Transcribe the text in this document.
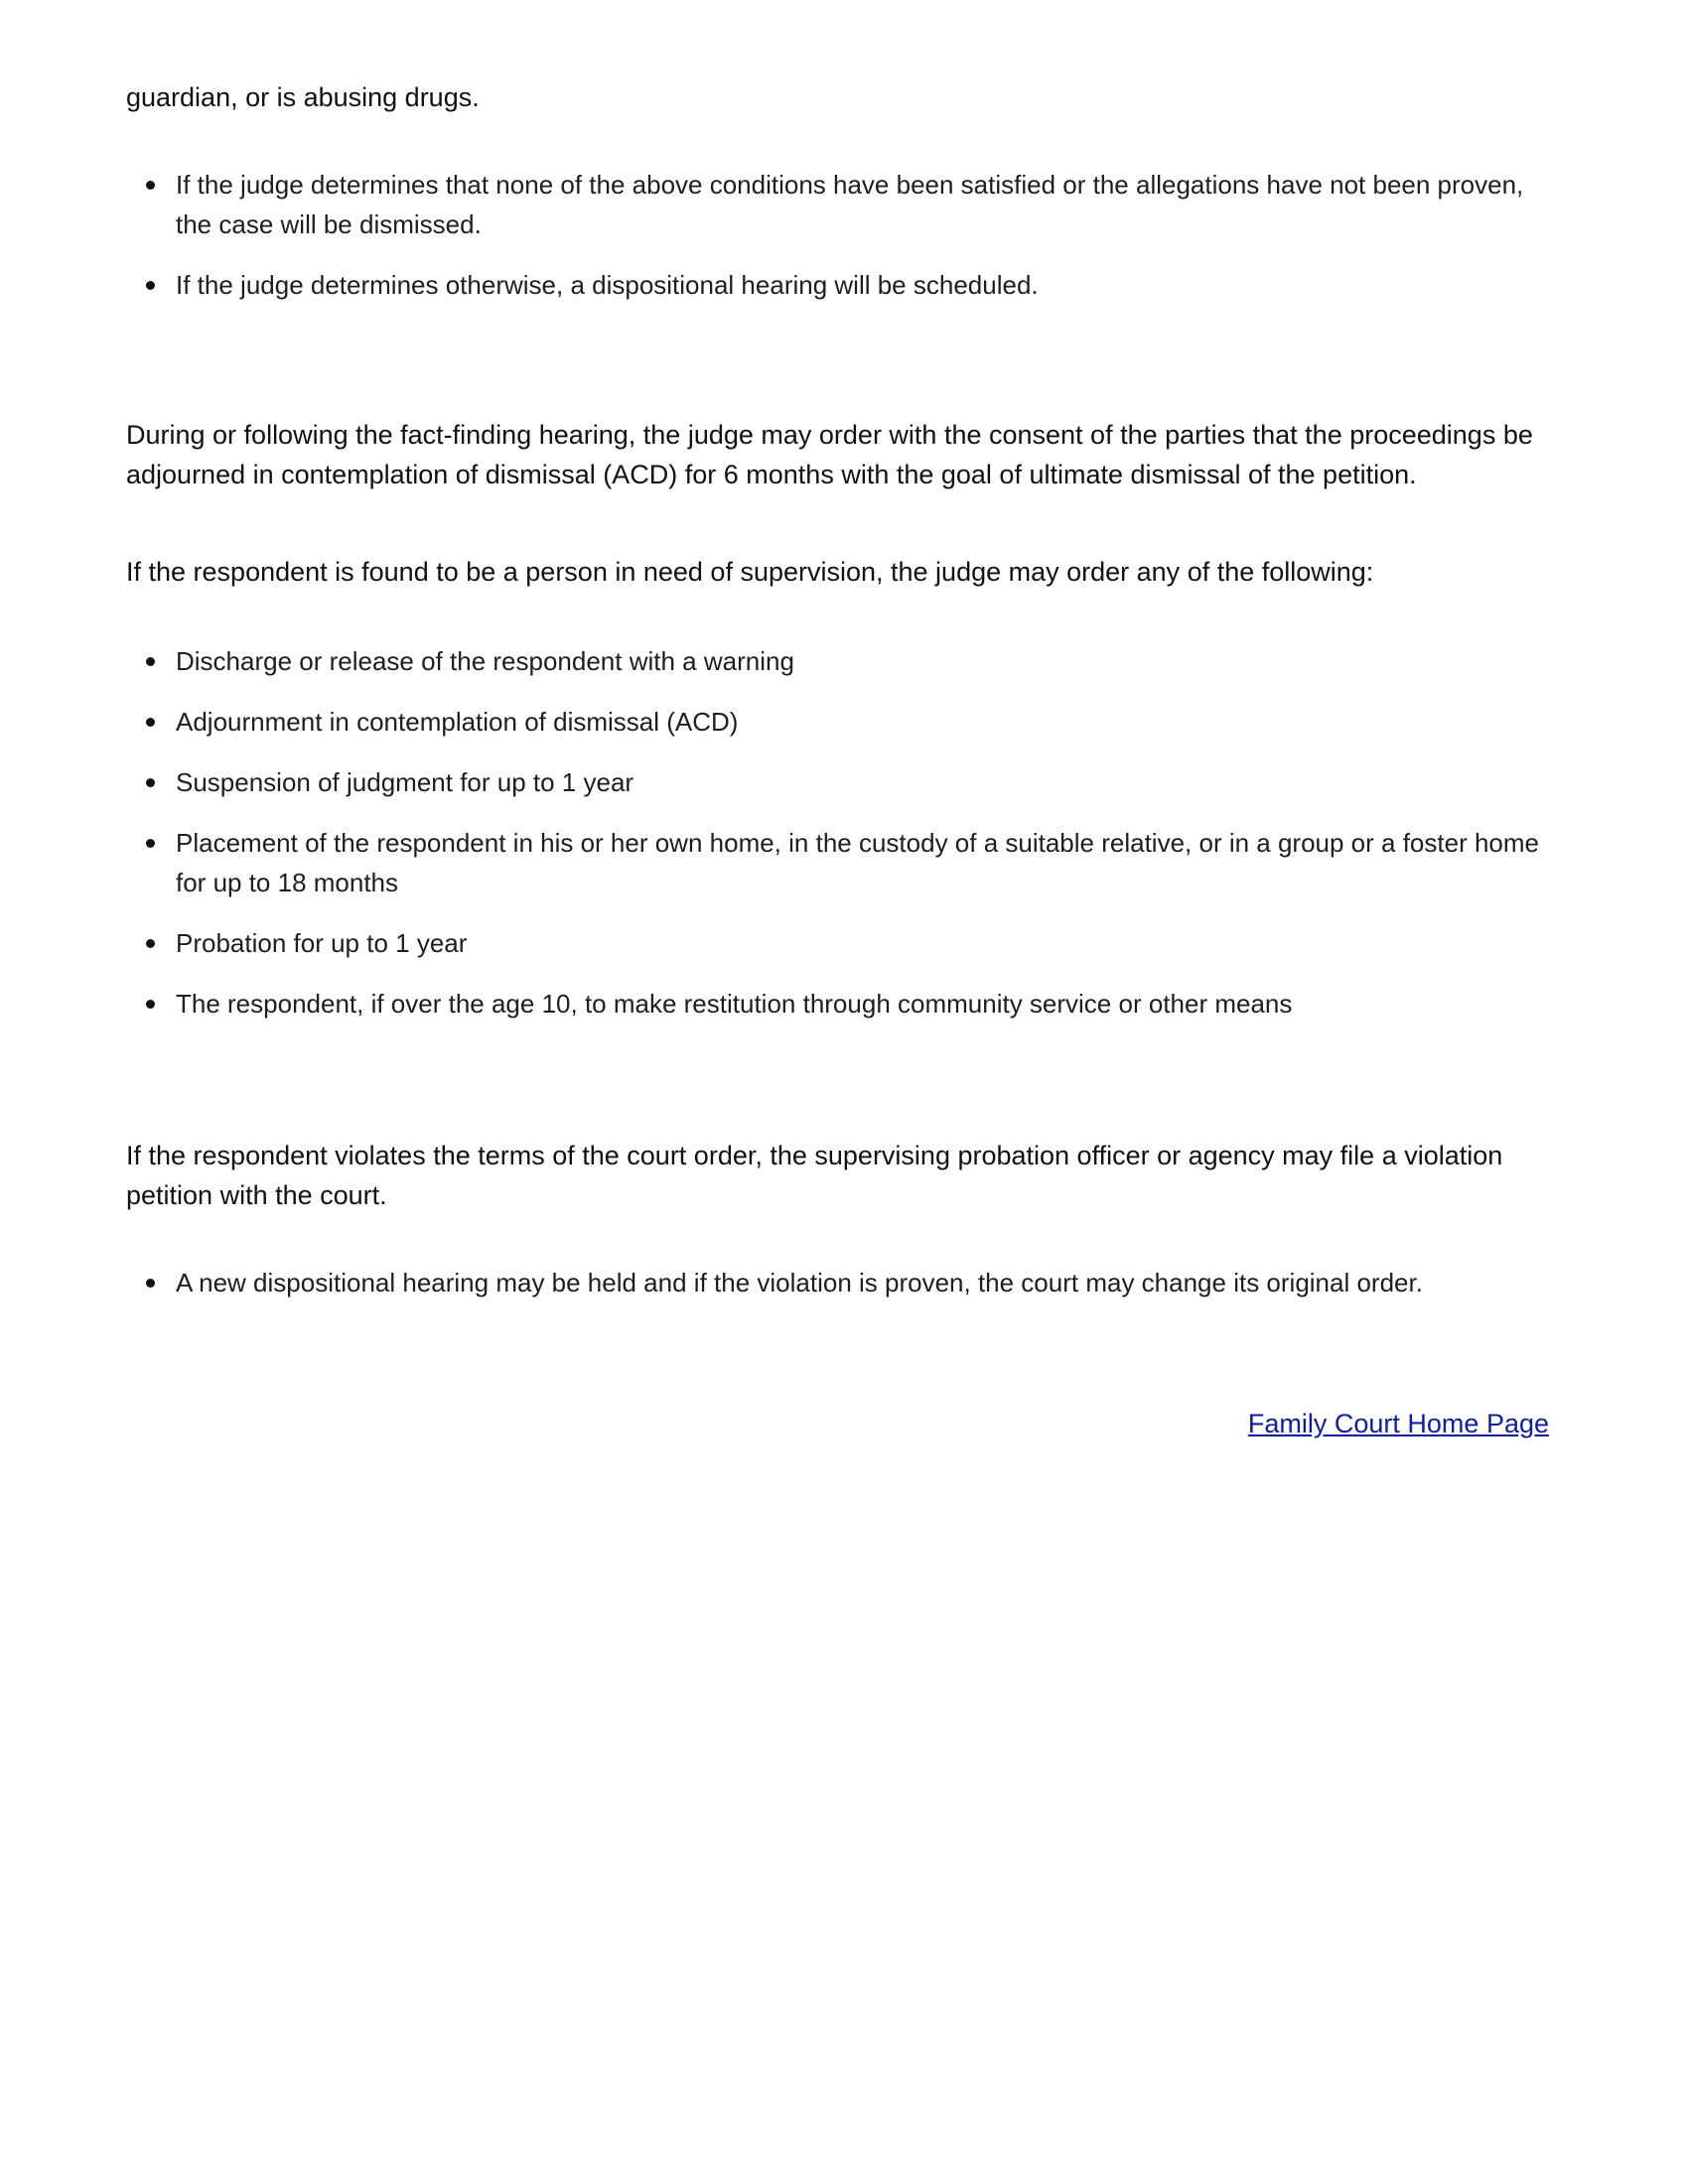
guardian, or is abusing drugs.

If the judge determines that none of the above conditions have been satisfied or the allegations have not been proven, the case will be dismissed.
If the judge determines otherwise, a dispositional hearing will be scheduled.

During or following the fact-finding hearing, the judge may order with the consent of the parties that the proceedings be adjourned in contemplation of dismissal (ACD) for 6 months with the goal of ultimate dismissal of the petition.

If the respondent is found to be a person in need of supervision, the judge may order any of the following:

Discharge or release of the respondent with a warning
Adjournment in contemplation of dismissal (ACD)
Suspension of judgment for up to 1 year
Placement of the respondent in his or her own home, in the custody of a suitable relative, or in a group or a foster home for up to 18 months
Probation for up to 1 year
The respondent, if over the age 10, to make restitution through community service or other means

If the respondent violates the terms of the court order, the supervising probation officer or agency may file a violation petition with the court.

A new dispositional hearing may be held and if the violation is proven, the court may change its original order.
Family Court Home Page
